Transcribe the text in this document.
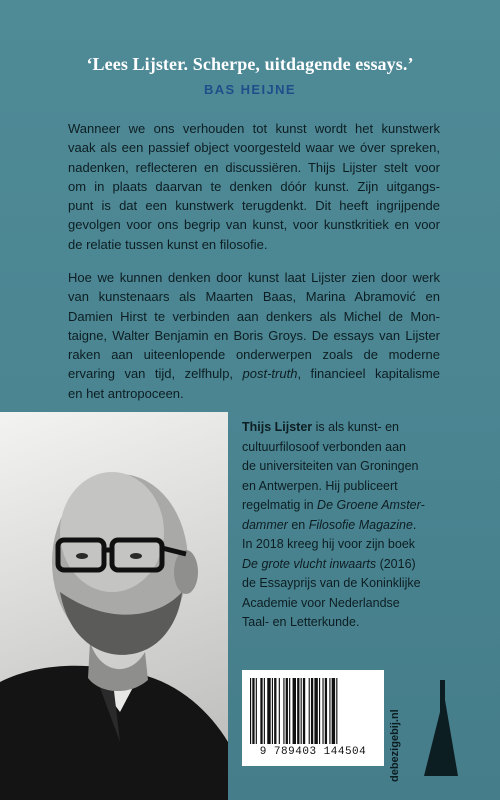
‘Lees Lijster. Scherpe, uitdagende essays.’
BAS HEIJNE
Wanneer we ons verhouden tot kunst wordt het kunstwerk
vaak als een passief object voorgesteld waar we óver spreken,
nadenken, reflecteren en discussiëren. Thijs Lijster stelt voor
om in plaats daarvan te denken dóór kunst. Zijn uitgangs-
punt is dat een kunstwerk terugdenkt. Dit heeft ingrijpende
gevolgen voor ons begrip van kunst, voor kunstkritiek en voor
de relatie tussen kunst en filosofie.
Hoe we kunnen denken door kunst laat Lijster zien door werk
van kunstenaars als Maarten Baas, Marina Abramović en
Damien Hirst te verbinden aan denkers als Michel de Mon-
taigne, Walter Benjamin en Boris Groys. De essays van Lijster
raken aan uiteenlopende onderwerpen zoals de moderne
ervaring van tijd, zelfhulp, post-truth, financieel kapitalisme
en het antropoceen.
Thijs Lijster is als kunst- en
cultuurfilosoof verbonden aan
de universiteiten van Groningen
en Antwerpen. Hij publiceert
regelmatig in De Groene Amster-
dammer en Filosofie Magazine.
In 2018 kreeg hij voor zijn boek
De grote vlucht inwaarts (2016)
de Essayprijs van de Koninklijke
Academie voor Nederlandse
Taal- en Letterkunde.
9 789403 144504	debezigebij.nl
